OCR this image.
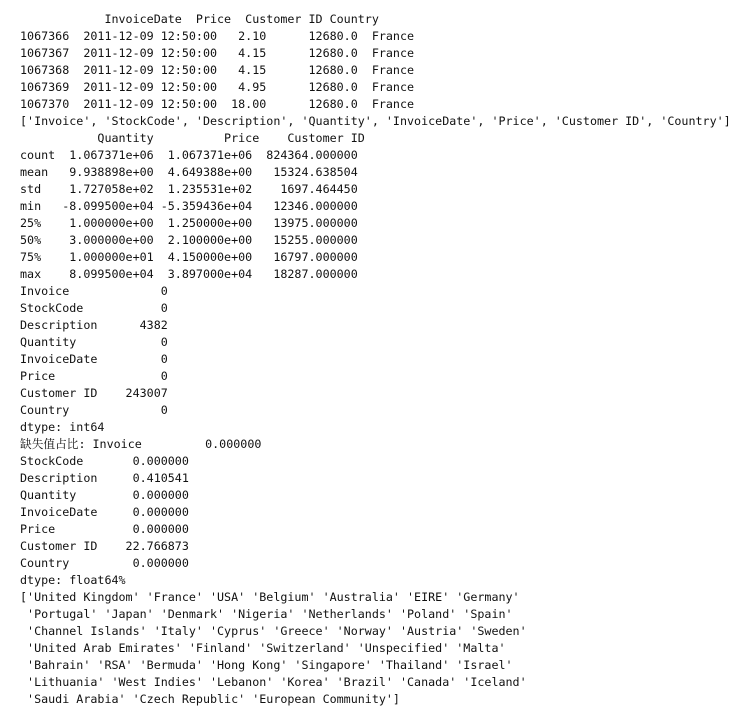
InvoiceDate  Price  Customer ID Country
1067366  2011-12-09 12:50:00   2.10      12680.0  France
1067367  2011-12-09 12:50:00   4.15      12680.0  France
1067368  2011-12-09 12:50:00   4.15      12680.0  France
1067369  2011-12-09 12:50:00   4.95      12680.0  France
1067370  2011-12-09 12:50:00  18.00      12680.0  France
['Invoice', 'StockCode', 'Description', 'Quantity', 'InvoiceDate', 'Price', 'Customer ID', 'Country']
Quantity          Price    Customer ID
count  1.067371e+06  1.067371e+06  824364.000000
mean   9.938898e+00  4.649388e+00   15324.638504
std    1.727058e+02  1.235531e+02    1697.464450
min   -8.099500e+04 -5.359436e+04   12346.000000
25%    1.000000e+00  1.250000e+00   13975.000000
50%    3.000000e+00  2.100000e+00   15255.000000
75%    1.000000e+01  4.150000e+00   16797.000000
max    8.099500e+04  3.897000e+04   18287.000000
Invoice             0
StockCode           0
Description      4382
Quantity            0
InvoiceDate         0
Price               0
Customer ID    243007
Country             0
dtype: int64
缺失值占比: Invoice         0.000000
StockCode       0.000000
Description     0.410541
Quantity        0.000000
InvoiceDate     0.000000
Price           0.000000
Customer ID    22.766873
Country         0.000000
dtype: float64%
['United Kingdom' 'France' 'USA' 'Belgium' 'Australia' 'EIRE' 'Germany'
'Portugal' 'Japan' 'Denmark' 'Nigeria' 'Netherlands' 'Poland' 'Spain'
'Channel Islands' 'Italy' 'Cyprus' 'Greece' 'Norway' 'Austria' 'Sweden'
'United Arab Emirates' 'Finland' 'Switzerland' 'Unspecified' 'Malta'
'Bahrain' 'RSA' 'Bermuda' 'Hong Kong' 'Singapore' 'Thailand' 'Israel'
'Lithuania' 'West Indies' 'Lebanon' 'Korea' 'Brazil' 'Canada' 'Iceland'
'Saudi Arabia' 'Czech Republic' 'European Community']
